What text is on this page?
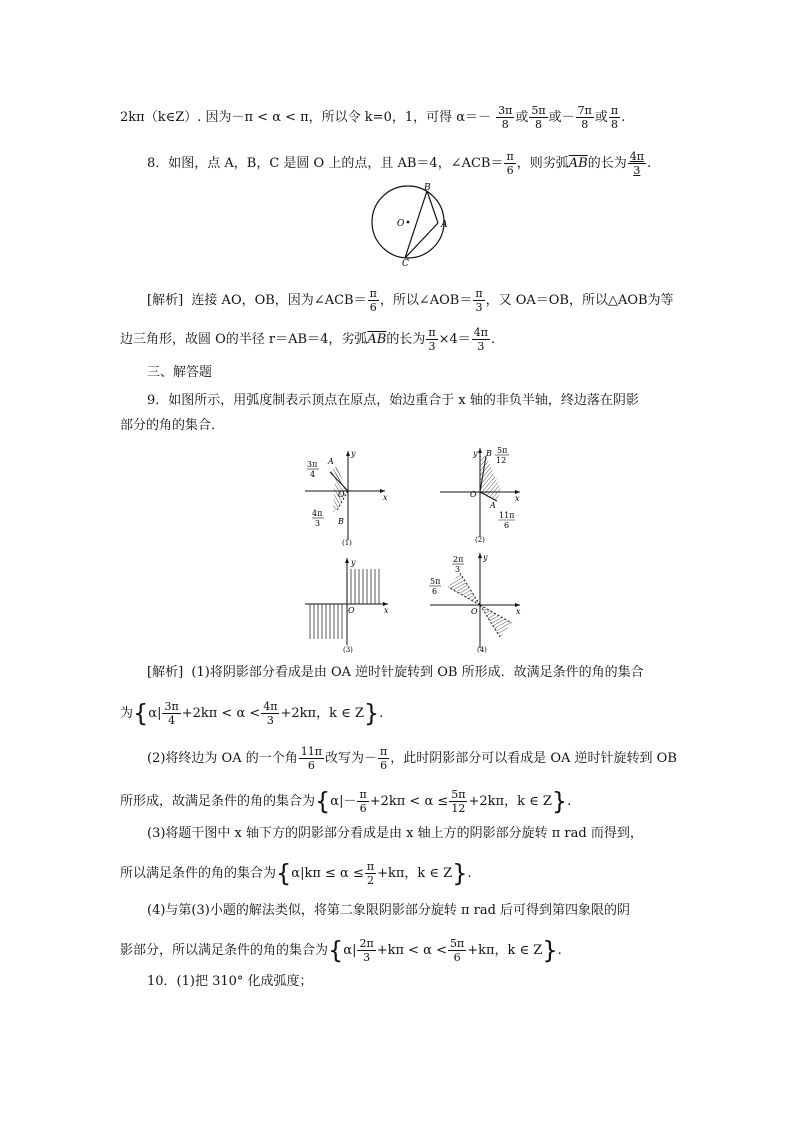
2kπ（k∈Z）. 因为－π < α < π，所以令 k=0，1，可得 $\alpha=- \frac{3\pi}{8}$ 或 $\frac{5\pi}{8}$ 或－ $\frac{7\pi}{8}$ 或 $\frac{\pi}{8}$ .
8．如图，点 A，B，C 是圆 O 上的点，且 AB＝4，∠ACB＝ $\frac{\pi}{6}$ ，则劣弧$\overline{AB}$的长为 $\frac{4\pi}{3}$ .
B
A
O
C
[解析] 连接 AO，OB，因为∠ACB＝ $\frac{\pi}{6}$ ，所以∠AOB＝ $\frac{\pi}{3}$ ，又 OA＝OB，所以△AOB为等
边三角形，故圆 O的半径 r＝AB＝4，劣弧$\overline{AB}$的长为 $\frac{\pi}{3} \times 4= \frac{4\pi}{3}$ .
三、解答题
9．如图所示，用弧度制表示顶点在原点，始边重合于 x 轴的非负半轴，终边落在阴影
部分的角的集合．
3π
4
A
O	x
y
4π
3 B
(1)
y B 5π
12
O	x
A
11π
6
(2)
y
x
O
(3)
y
2π
3
5π
6
O	x
(4)
[解析] (1)将阴影部分看成是由 OA 逆时针旋转到 OB 所形成．故满足条件的角的集合
为{$\alpha| \frac{3\pi}{4} +2k\pi < \alpha < \frac{4\pi}{3} +2k\pi$，k ∈ Z}.
(2)将终边为 OA 的一个角 $\frac{11\pi}{6}$ 改写为－ $\frac{\pi}{6}$ ，此时阴影部分可以看成是 OA 逆时针旋转到 OB
所形成，故满足条件的角的集合为{$\alpha|- \frac{\pi}{6} +2k\pi < \alpha \le \frac{5\pi}{12} +2k\pi$，k ∈ Z}.
(3)将题干图中 x 轴下方的阴影部分看成是由 x 轴上方的阴影部分旋转 π rad 而得到，
所以满足条件的角的集合为{$\alpha|k\pi \le \alpha \le \frac{\pi}{2} +k\pi$，k ∈ Z}.
(4)与第(3)小题的解法类似，将第二象限阴影部分旋转 π rad 后可得到第四象限的阴
影部分，所以满足条件的角的集合为{$\alpha| \frac{2\pi}{3} +k\pi < \alpha < \frac{5\pi}{6} +k\pi$，k ∈ Z}.
10．(1)把 310° 化成弧度；
